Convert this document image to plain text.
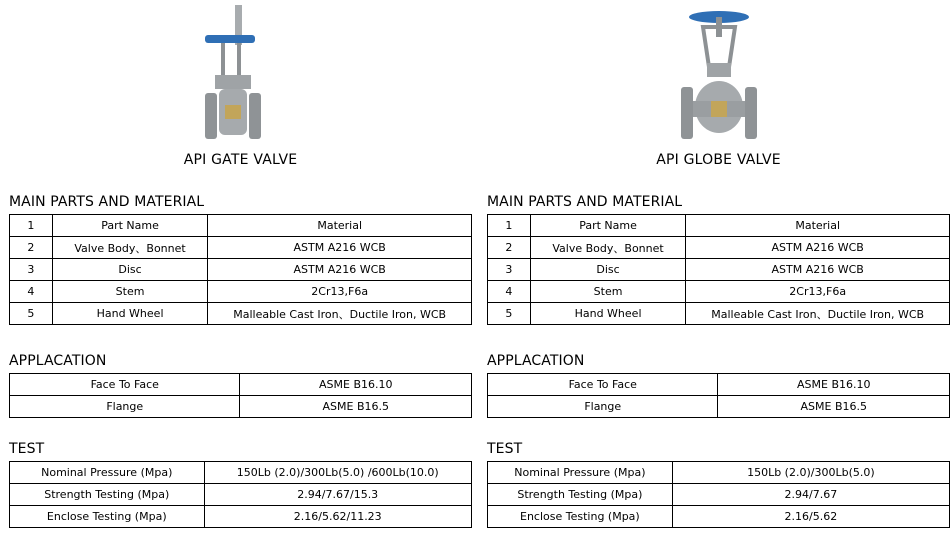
API GATE VALVE
MAIN PARTS AND MATERIAL
1	Part Name	Material
2	Valve Body、Bonnet	ASTM A216 WCB
3	Disc	ASTM A216 WCB
4	Stem	2Cr13,F6a
5	Hand Wheel	Malleable Cast Iron、Ductile Iron, WCB
APPLACATION
Face To Face	ASME B16.10
Flange	ASME B16.5
TEST
Nominal Pressure (Mpa)	150Lb (2.0)/300Lb(5.0) /600Lb(10.0)
Strength Testing (Mpa)	2.94/7.67/15.3
Enclose Testing (Mpa)	2.16/5.62/11.23
API GLOBE VALVE
MAIN PARTS AND MATERIAL
1	Part Name	Material
2	Valve Body、Bonnet	ASTM A216 WCB
3	Disc	ASTM A216 WCB
4	Stem	2Cr13,F6a
5	Hand Wheel	Malleable Cast Iron、Ductile Iron, WCB
APPLACATION
Face To Face	ASME B16.10
Flange	ASME B16.5
TEST
Nominal Pressure (Mpa)	150Lb (2.0)/300Lb(5.0)
Strength Testing (Mpa)	2.94/7.67
Enclose Testing (Mpa)	2.16/5.62
